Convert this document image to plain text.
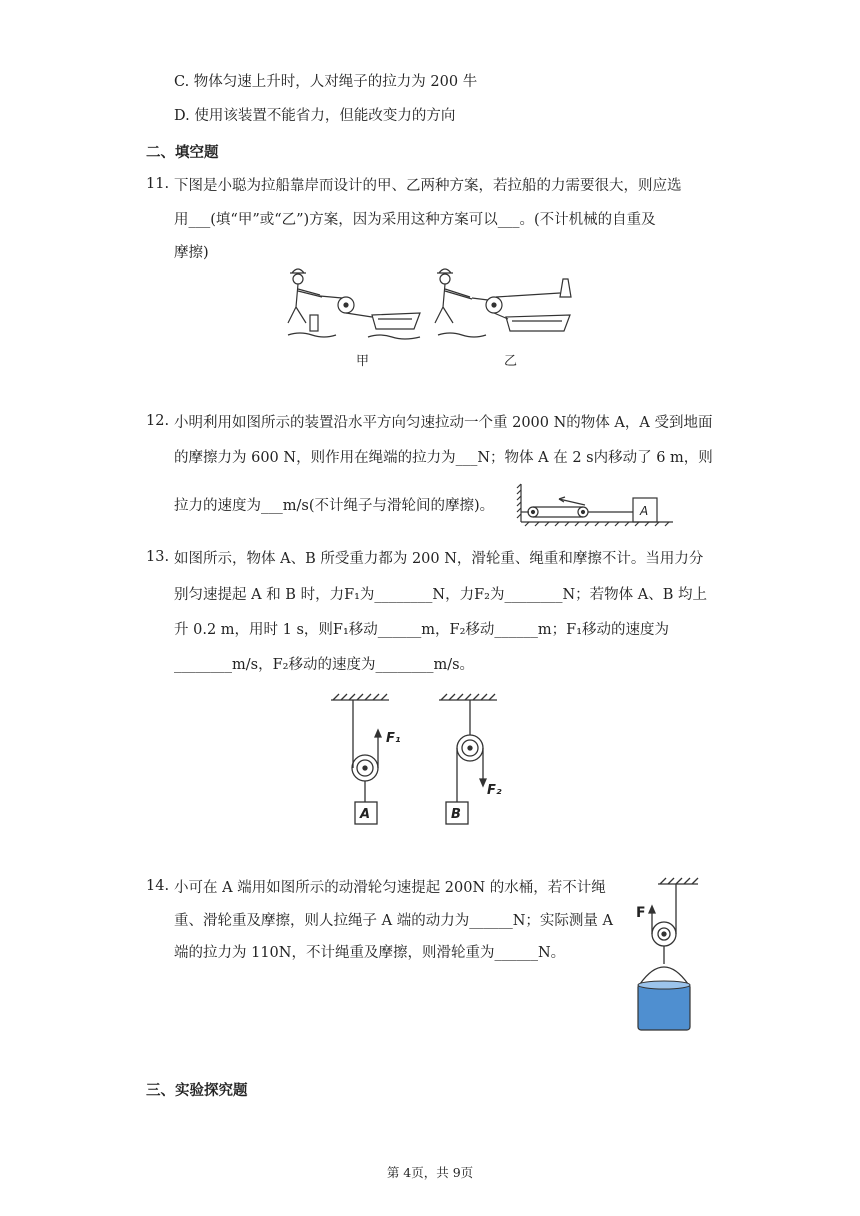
C. 物体匀速上升时，人对绳子的拉力为 200 牛
D. 使用该装置不能省力，但能改变力的方向
二、填空题
11. 下图是小聪为拉船靠岸而设计的甲、乙两种方案，若拉船的力需要很大，则应选
用___(填“甲”或“乙”)方案，因为采用这种方案可以___。(不计机械的自重及
摩擦)
甲	乙
12. 小明利用如图所示的装置沿水平方向匀速拉动一个重 2000 N的物体 A，A 受到地面
的摩擦力为 600 N，则作用在绳端的拉力为___N；物体 A 在 2 s内移动了 6 m，则
拉力的速度为___m/s(不计绳子与滑轮间的摩擦)。	A
13. 如图所示，物体 A、B 所受重力都为 200 N，滑轮重、绳重和摩擦不计。当用力分
别匀速提起 A 和 B 时，力F₁为________N，力F₂为________N；若物体 A、B 均上
升 0.2 m，用时 1 s，则F₁移动______m，F₂移动______m；F₁移动的速度为
________m/s，F₂移动的速度为________m/s。
F₁
F₂
A	B
14. 小可在 A 端用如图所示的动滑轮匀速提起 200N 的水桶，若不计绳
重、滑轮重及摩擦，则人拉绳子 A 端的动力为______N；实际测量 A
端的拉力为 110N，不计绳重及摩擦，则滑轮重为______N。
F
三、实验探究题
第 4页，共 9页
